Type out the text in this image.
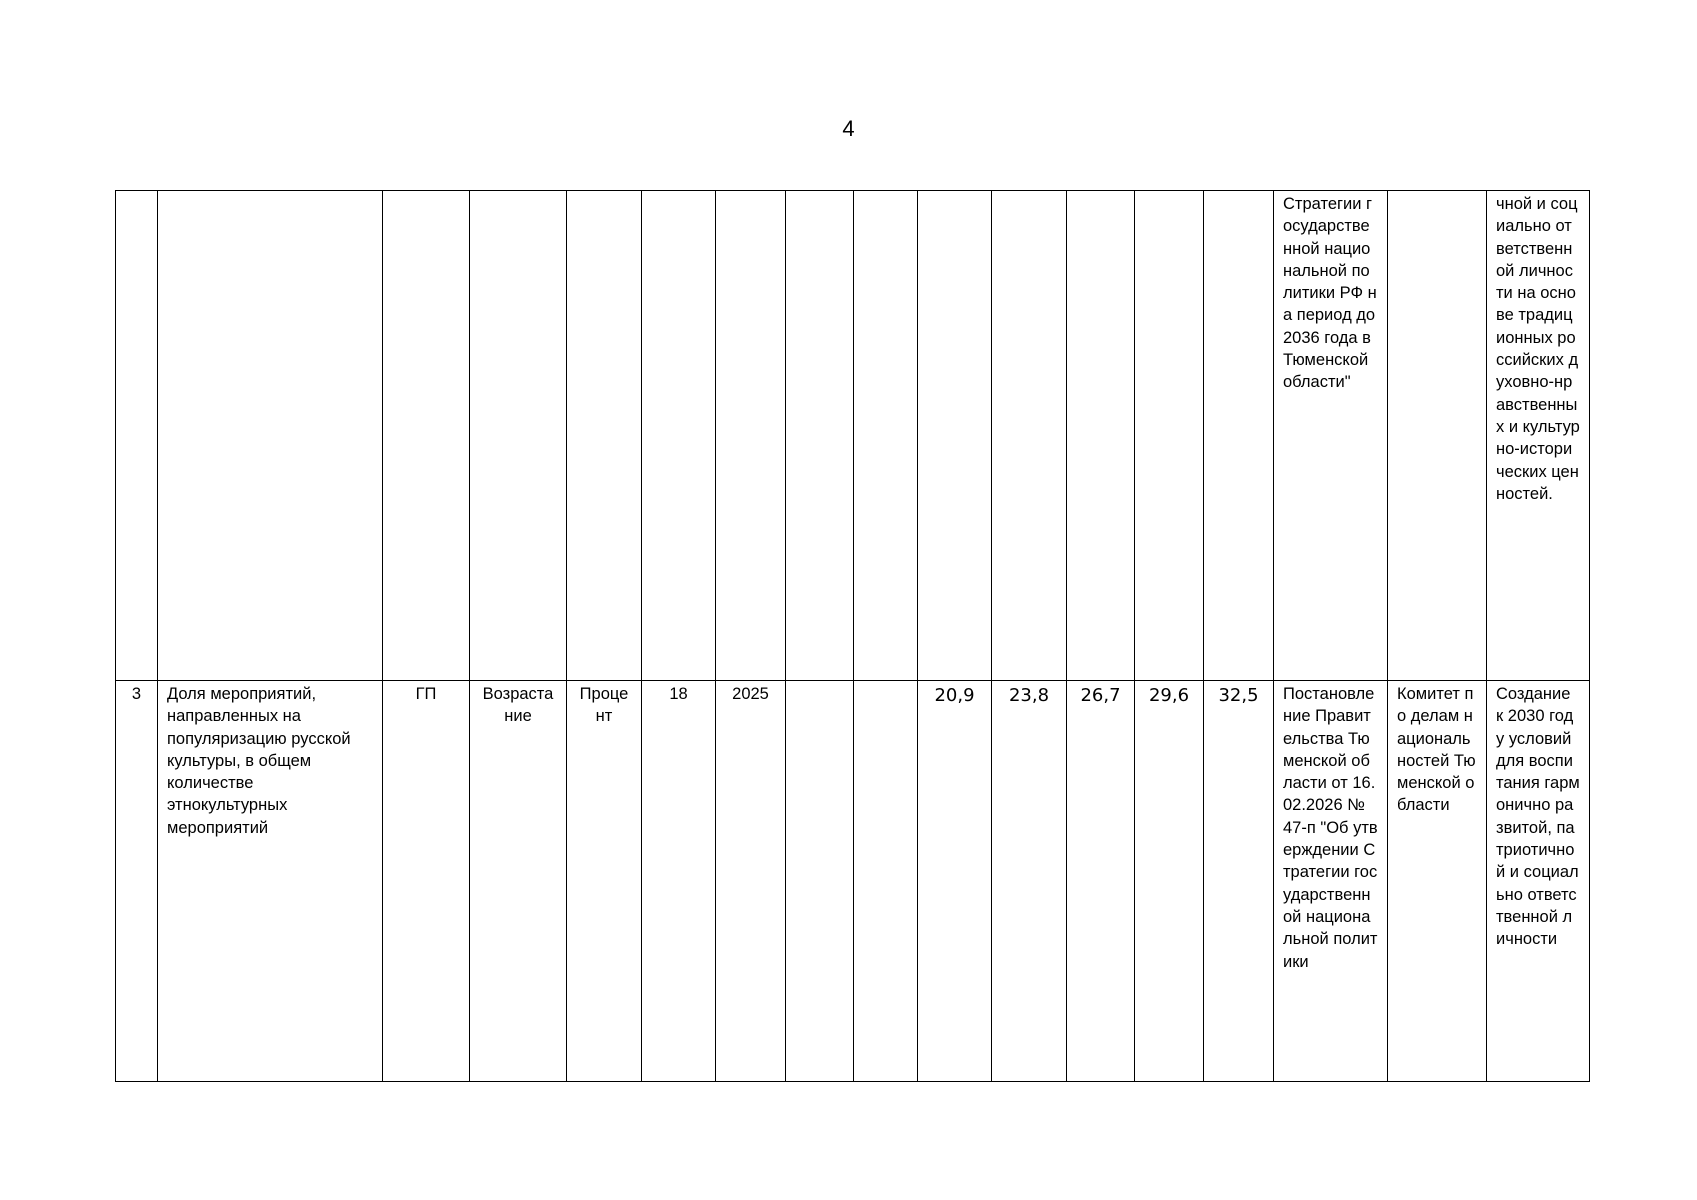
4
														Стратегии государственной национальной политики РФ на период до 2036 года в Тюменской области"		чной и социально ответственной личности на основе традиционных российских духовно-нравственных и культурно-исторических ценностей.
3	Доля мероприятий, направленных на популяризацию русской культуры, в общем количестве этнокультурных мероприятий	ГП	Возрастание	Процент	18	2025			20,9	23,8	26,7	29,6	32,5	Постановление Правительства Тюменской области от 16.02.2026 № 47-п "Об утверждении Стратегии государственной национальной политики	Комитет по делам национальностей Тюменской области	Создание к 2030 году условий для воспитания гармонично развитой, патриотичной и социально ответственной личности
